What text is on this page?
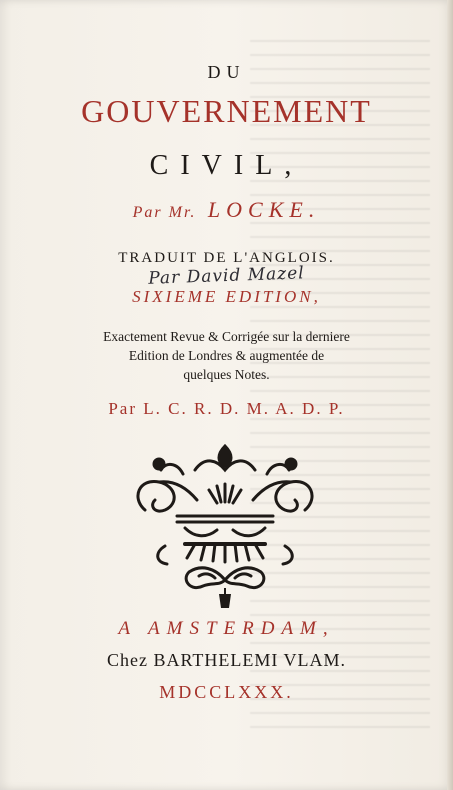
DU
GOUVERNEMENT
CIVIL,
Par Mr. LOCKE.
TRADUIT DE L'ANGLOIS.
Par David Mazel
SIXIEME EDITION,
Exactement Revue & Corrigée sur la derniere
Edition de Londres & augmentée de
quelques Notes.
Par L. C. R. D. M. A. D. P.
A AMSTERDAM,
Chez BARTHELEMI VLAM.
MDCCLXXX.
